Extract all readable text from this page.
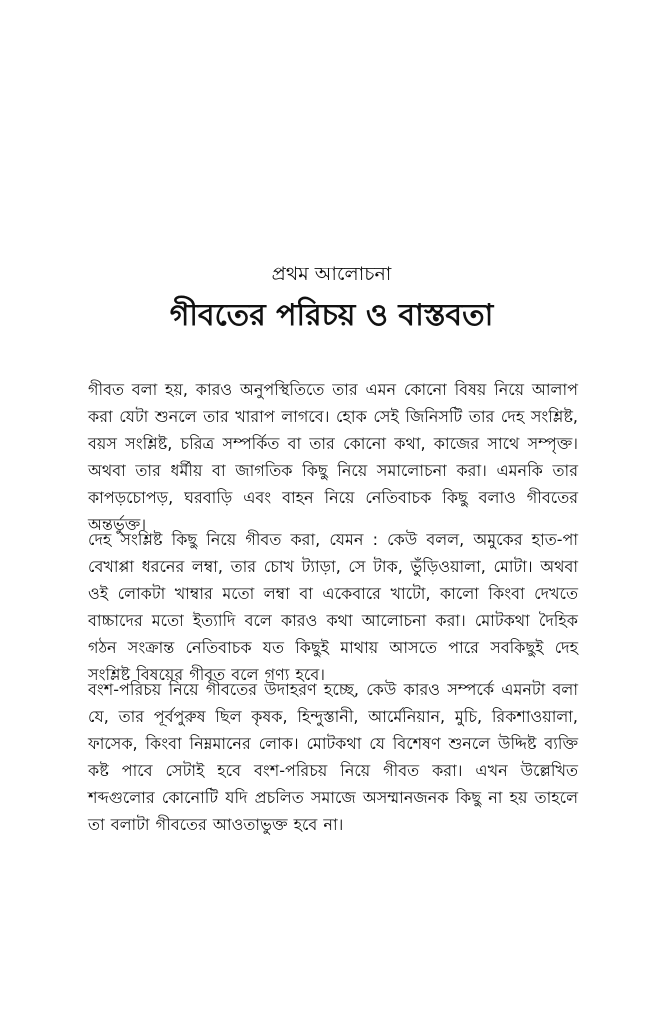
প্রথম আলোচনা
গীবতের পরিচয় ও বাস্তবতা

গীবত বলা হয়, কারও অনুপস্থিতিতে তার এমন কোনো বিষয় নিয়ে আলাপ করা যেটা শুনলে তার খারাপ লাগবে। হোক সেই জিনিসটি তার দেহ সংশ্লিষ্ট, বয়স সংশ্লিষ্ট, চরিত্র সম্পর্কিত বা তার কোনো কথা, কাজের সাথে সম্পৃক্ত। অথবা তার ধর্মীয় বা জাগতিক কিছু নিয়ে সমালোচনা করা। এমনকি তার কাপড়চোপড়, ঘরবাড়ি এবং বাহন নিয়ে নেতিবাচক কিছু বলাও গীবতের অন্তর্ভুক্ত।

দেহ সংশ্লিষ্ট কিছু নিয়ে গীবত করা, যেমন : কেউ বলল, অমুকের হাত-পা বেখাপ্পা ধরনের লম্বা, তার চোখ ট্যাড়া, সে টাক, ভুঁড়িওয়ালা, মোটা। অথবা ওই লোকটা খাম্বার মতো লম্বা বা একেবারে খাটো, কালো কিংবা দেখতে বাচ্চাদের মতো ইত্যাদি বলে কারও কথা আলোচনা করা। মোটকথা দৈহিক গঠন সংক্রান্ত নেতিবাচক যত কিছুই মাথায় আসতে পারে সবকিছুই দেহ সংশ্লিষ্ট বিষয়ের গীবত বলে গণ্য হবে।

বংশ-পরিচয় নিয়ে গীবতের উদাহরণ হচ্ছে, কেউ কারও সম্পর্কে এমনটা বলা যে, তার পূর্বপুরুষ ছিল কৃষক, হিন্দুস্তানী, আর্মেনিয়ান, মুচি, রিকশাওয়ালা, ফাসেক, কিংবা নিম্নমানের লোক। মোটকথা যে বিশেষণ শুনলে উদ্দিষ্ট ব্যক্তি কষ্ট পাবে সেটাই হবে বংশ-পরিচয় নিয়ে গীবত করা। এখন উল্লেখিত শব্দগুলোর কোনোটি যদি প্রচলিত সমাজে অসম্মানজনক কিছু না হয় তাহলে তা বলাটা গীবতের আওতাভুক্ত হবে না।
